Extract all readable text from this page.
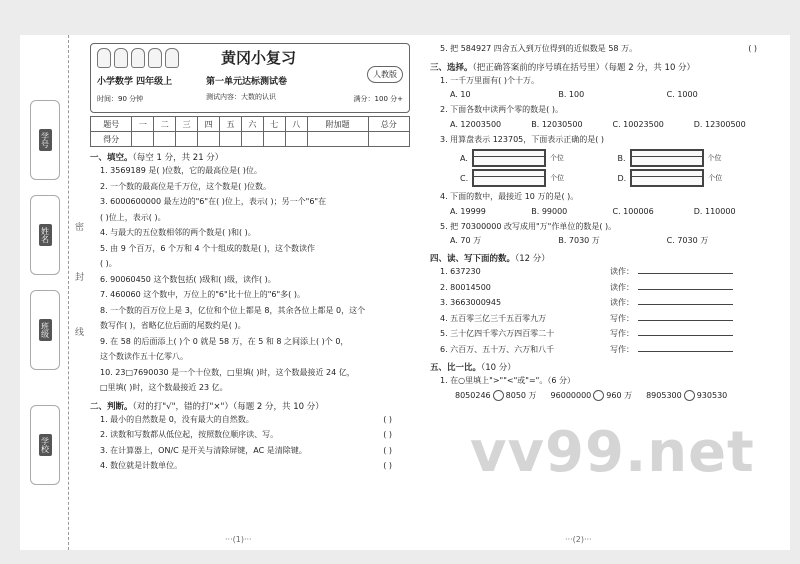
学号
姓名
班级
学校
密
封
线
黄冈小复习
小学数学 四年级上	第一单元达标测试卷
人教版
时间：90 分钟	测试内容：大数的认识	满分：100 分+
题号	一	二	三	四	五	六	七	八	附加题	总分
得分										
一、填空。（每空 1 分，共 21 分）
1. 3569189 是( )位数，它的最高位是( )位。
2. 一个数的最高位是千万位，这个数是( )位数。
3. 6000600000 最左边的"6"在( )位上，表示( )；另一个"6"在
( )位上，表示( )。
4. 与最大的五位数相邻的两个数是( )和( )。
5. 由 9 个百万，6 个万和 4 个十组成的数是( )，这个数读作
( )。
6. 90060450 这个数包括( )级和( )级，读作( )。
7. 460060 这个数中，万位上的"6"比十位上的"6"多( )。
8. 一个数的百万位上是 3，亿位和个位上都是 8，其余各位上都是 0，这个
数写作( )，省略亿位后面的尾数约是( )。
9. 在 58 的后面添上( )个 0 就是 58 万，在 5 和 8 之间添上( )个 0，
这个数读作五十亿零八。
10. 23□7690030 是一个十位数，□里填( )时，这个数最接近 24 亿，
□里填( )时，这个数最接近 23 亿。
二、判断。（对的打"√"，错的打"×"）（每题 2 分，共 10 分）
1. 最小的自然数是 0，没有最大的自然数。	( )
2. 读数和写数都从低位起，按照数位顺序读、写。	( )
3. 在计算器上，ON/C 是开关与清除屏键，AC 是清除键。	( )
4. 数位就是计数单位。	( )
5. 把 584927 四舍五入到万位得到的近似数是 58 万。	( )
三、选择。（把正确答案前的序号填在括号里）（每题 2 分，共 10 分）
1. 一千万里面有( )个十万。
A. 10	B. 100	C. 1000
2. 下面各数中读两个零的数是( )。
A. 12003500	B. 12030500	C. 10023500	D. 12300500
3. 用算盘表示 123705，下面表示正确的是( )
A.	个位	B.	个位
C.	个位	D.	个位
4. 下面的数中，最接近 10 万的是( )。
A. 19999	B. 99000	C. 100006	D. 110000
5. 把 70300000 改写成用"万"作单位的数是( )。
A. 70 万	B. 7030 万	C. 7030 万
四、读、写下面的数。（12 分）
1. 637230	读作：
2. 80014500	读作：
3. 3663000945	读作：
4. 五百零三亿三千五百零九万	写作：
5. 三十亿四千零六万四百零二十	写作：
6. 六百万、五十万、六万和八千	写作：
五、比一比。（10 分）
1. 在○里填上">""<"或"="。（6 分）
8050246 8050 万 96000000 960 万 8905300 930530
···(1)···	···(2)···
vv99.net
